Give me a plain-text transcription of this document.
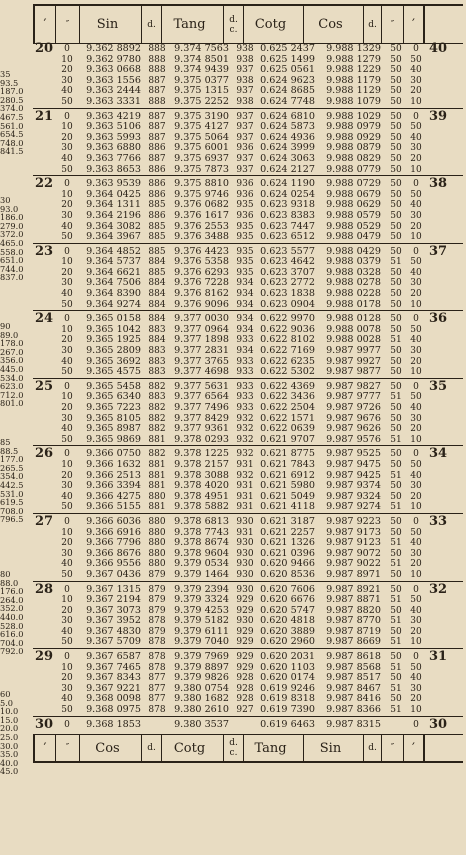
35
93.5
187.0
280.5
374.0
467.5
561.0
654.5
748.0
841.5
30
93.0
186.0
279.0
372.0
465.0
558.0
651.0
744.0
837.0
90
89.0
178.0
267.0
356.0
445.0
534.0
623.0
712.0
801.0
85
88.5
177.0
265.5
354.0
442.5
531.0
619.5
708.0
796.5
80
88.0
176.0
264.0
352.0
440.0
528.0
616.0
704.0
792.0
60
5.0
10.0
15.0
20.0
25.0
30.0
35.0
40.0
45.0
′	″	Sin	d.	Tang	d. c.	Cotg	Cos	d.	″	′
20	0	9.362 8892 888 9.374 7563 938 0.625 2437	9.988 1329	50	0 40
10	9.362 9780 888 9.374 8501 938 0.625 1499	9.988 1279	50 50
20	9.363 0668 888 9.374 9439 937 0.625 0561	9.988 1229	50 40
30	9.363 1556 887 9.375 0377 938 0.624 9623	9.988 1179	50 30
40	9.363 2444 887 9.375 1315 937 0.624 8685	9.988 1129	50 20
50	9.363 3331 888 9.375 2252 938 0.624 7748	9.988 1079	50 10
21	0	9.363 4219 887 9.375 3190 937 0.624 6810	9.988 1029	50	0 39
10	9.363 5106 887 9.375 4127 937 0.624 5873	9.988 0979	50 50
20	9.363 5993 887 9.375 5064 937 0.624 4936	9.988 0929	50 40
30	9.363 6880 886 9.375 6001 936 0.624 3999	9.988 0879	50 30
40	9.363 7766 887 9.375 6937 937 0.624 3063	9.988 0829	50 20
50	9.363 8653 886 9.375 7873 937 0.624 2127	9.988 0779	50 10
22	0	9.363 9539 886 9.375 8810 936 0.624 1190	9.988 0729	50	0 38
10	9.364 0425 886 9.375 9746 936 0.624 0254	9.988 0679	50 50
20	9.364 1311 885 9.376 0682 935 0.623 9318	9.988 0629	50 40
30	9.364 2196 886 9.376 1617 936 0.623 8383	9.988 0579	50 30
40	9.364 3082 885 9.376 2553 935 0.623 7447	9.988 0529	50 20
50	9.364 3967 885 9.376 3488 935 0.623 6512	9.988 0479	50 10
23	0	9.364 4852 885 9.376 4423 935 0.623 5577	9.988 0429	50	0 37
10	9.364 5737 884 9.376 5358 935 0.623 4642	9.988 0379	51 50
20	9.364 6621 885 9.376 6293 935 0.623 3707	9.988 0328	50 40
30	9.364 7506 884 9.376 7228 934 0.623 2772	9.988 0278	50 30
40	9.364 8390 884 9.376 8162 934 0.623 1838	9.988 0228	50 20
50	9.364 9274 884 9.376 9096 934 0.623 0904	9.988 0178	50 10
24	0	9.365 0158 884 9.377 0030 934 0.622 9970	9.988 0128	50	0 36
10	9.365 1042 883 9.377 0964 934 0.622 9036	9.988 0078	50 50
20	9.365 1925 884 9.377 1898 933 0.622 8102	9.988 0028	51 40
30	9.365 2809 883 9.377 2831 934 0.622 7169	9.987 9977	50 30
40	9.365 3692 883 9.377 3765 933 0.622 6235	9.987 9927	50 20
50	9.365 4575 883 9.377 4698 933 0.622 5302	9.987 9877	50 10
25	0	9.365 5458 882 9.377 5631 933 0.622 4369	9.987 9827	50	0 35
10	9.365 6340 883 9.377 6564 933 0.622 3436	9.987 9777	51 50
20	9.365 7223 882 9.377 7496 933 0.622 2504	9.987 9726	50 40
30	9.365 8105 882 9.377 8429 932 0.622 1571	9.987 9676	50 30
40	9.365 8987 882 9.377 9361 932 0.622 0639	9.987 9626	50 20
50	9.365 9869 881 9.378 0293 932 0.621 9707	9.987 9576	51 10
26	0	9.366 0750 882 9.378 1225 932 0.621 8775	9.987 9525	50	0 34
10	9.366 1632 881 9.378 2157 931 0.621 7843	9.987 9475	50 50
20	9.366 2513 881 9.378 3088 932 0.621 6912	9.987 9425	51 40
30	9.366 3394 881 9.378 4020 931 0.621 5980	9.987 9374	50 30
40	9.366 4275 880 9.378 4951 931 0.621 5049	9.987 9324	50 20
50	9.366 5155 881 9.378 5882 931 0.621 4118	9.987 9274	51 10
27	0	9.366 6036 880 9.378 6813 930 0.621 3187	9.987 9223	50	0 33
10	9.366 6916 880 9.378 7743 931 0.621 2257	9.987 9173	50 50
20	9.366 7796 880 9.378 8674 930 0.621 1326	9.987 9123	51 40
30	9.366 8676 880 9.378 9604 930 0.621 0396	9.987 9072	50 30
40	9.366 9556 880 9.379 0534 930 0.620 9466	9.987 9022	51 20
50	9.367 0436 879 9.379 1464 930 0.620 8536	9.987 8971	50 10
28	0	9.367 1315 879 9.379 2394 930 0.620 7606	9.987 8921	50	0 32
10	9.367 2194 879 9.379 3324 929 0.620 6676	9.987 8871	51 50
20	9.367 3073 879 9.379 4253 929 0.620 5747	9.987 8820	50 40
30	9.367 3952 878 9.379 5182 930 0.620 4818	9.987 8770	51 30
40	9.367 4830 879 9.379 6111 929 0.620 3889	9.987 8719	50 20
50	9.367 5709 878 9.379 7040 929 0.620 2960	9.987 8669	51 10
29	0	9.367 6587 878 9.379 7969 929 0.620 2031	9.987 8618	50	0 31
10	9.367 7465 878 9.379 8897 929 0.620 1103	9.987 8568	51 50
20	9.367 8343 877 9.379 9826 928 0.620 0174	9.987 8517	50 40
30	9.367 9221 877 9.380 0754 928 0.619 9246	9.987 8467	51 30
40	9.368 0098 877 9.380 1682 928 0.619 8318	9.987 8416	50 20
50	9.368 0975 878 9.380 2610 927 0.619 7390	9.987 8366	51 10
30	0	9.368 1853	9.380 3537	0.619 6463	9.987 8315	0 30
′	″	Cos	d.	Cotg	d. c.	Tang	Sin	d.	″	′
